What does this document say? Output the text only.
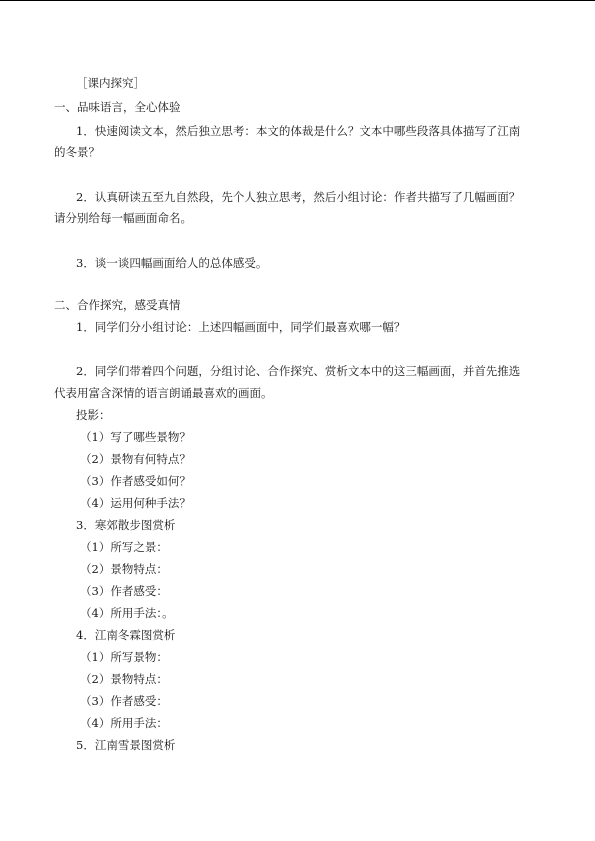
［课内探究］
一、品味语言，全心体验
1．快速阅读文本，然后独立思考：本文的体裁是什么？文本中哪些段落具体描写了江南
的冬景？
2．认真研读五至九自然段，先个人独立思考，然后小组讨论：作者共描写了几幅画面？
请分别给每一幅画面命名。
3．谈一谈四幅画面给人的总体感受。
二、合作探究，感受真情
1．同学们分小组讨论：上述四幅画面中，同学们最喜欢哪一幅？
2．同学们带着四个问题，分组讨论、合作探究、赏析文本中的这三幅画面，并首先推选
代表用富含深情的语言朗诵最喜欢的画面。
投影：
（1）写了哪些景物？
（2）景物有何特点？
（3）作者感受如何？
（4）运用何种手法？
3．寒郊散步图赏析
（1）所写之景：
（2）景物特点：
（3）作者感受：
（4）所用手法：。
4．江南冬霖图赏析
（1）所写景物：
（2）景物特点：
（3）作者感受：
（4）所用手法：
5．江南雪景图赏析
